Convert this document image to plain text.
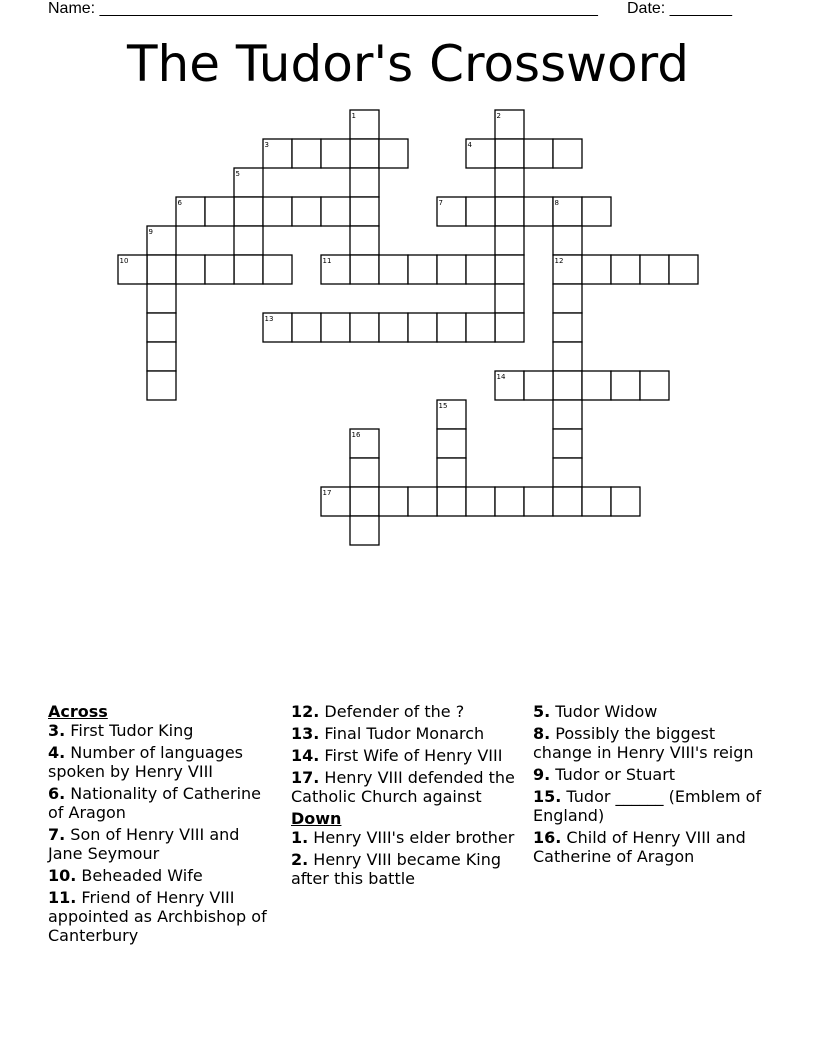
Name: ________________________________________________________ Date: _______
The Tudor's Crossword
1	2
3	4
5
6	7	8
9
10	11	12
13
14
15
16
17

Across

3. First Tudor King

4. Number of languages spoken by Henry VIII

6. Nationality of Catherine of Aragon

7. Son of Henry VIII and Jane Seymour

10. Beheaded Wife

11. Friend of Henry VIII appointed as Archbishop of Canterbury

12. Defender of the ?

13. Final Tudor Monarch

14. First Wife of Henry VIII

17. Henry VIII defended the Catholic Church against

Down

1. Henry VIII's elder brother

2. Henry VIII became King after this battle

5. Tudor Widow

8. Possibly the biggest change in Henry VIII's reign

9. Tudor or Stuart

15. Tudor ______ (Emblem of England)

16. Child of Henry VIII and Catherine of Aragon
